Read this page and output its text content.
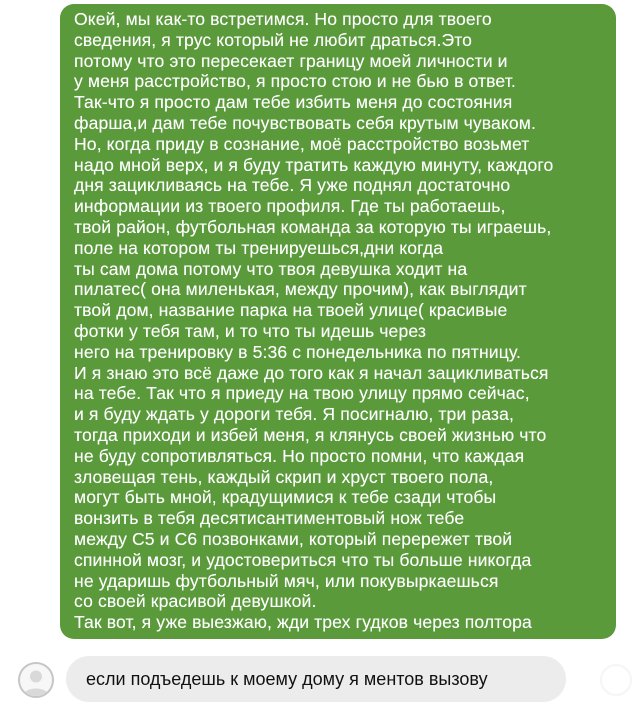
Окей, мы как-то встретимся. Но просто для твоего
сведения, я трус который не любит драться.Это
потому что это пересекает границу моей личности и
у меня расстройство, я просто стою и не бью в ответ.
Так-что я просто дам тебе избить меня до состояния
фарша,и дам тебе почувствовать себя крутым чуваком.
Но, когда приду в сознание, моё расстройство возьмет
надо мной верх, и я буду тратить каждую минуту, каждого
дня зацикливаясь на тебе. Я уже поднял достаточно
информации из твоего профиля. Где ты работаешь,
твой район, футбольная команда за которую ты играешь,
поле на котором ты тренируешься,дни когда
ты сам дома потому что твоя девушка ходит на
пилатес( она миленькая, между прочим), как выглядит
твой дом, название парка на твоей улице( красивые
фотки у тебя там, и то что ты идешь через
него на тренировку в 5:36 с понедельника по пятницу.
И я знаю это всё даже до того как я начал зацикливаться
на тебе. Так что я приеду на твою улицу прямо сейчас,
и я буду ждать у дороги тебя. Я посигналю, три раза,
тогда приходи и избей меня, я клянусь своей жизнью что
не буду сопротивляться. Но просто помни, что каждая
зловещая тень, каждый скрип и хруст твоего пола,
могут быть мной, крадущимися к тебе сзади чтобы
вонзить в тебя десятисантиментовый нож тебе
между С5 и С6 позвонками, который перережет твой
спинной мозг, и удостовериться что ты больше никогда
не ударишь футбольный мяч, или покувыркаешься
со своей красивой девушкой.
Так вот, я уже выезжаю, жди трех гудков через полтора
часа.
если подъедешь к моему дому я ментов вызову
